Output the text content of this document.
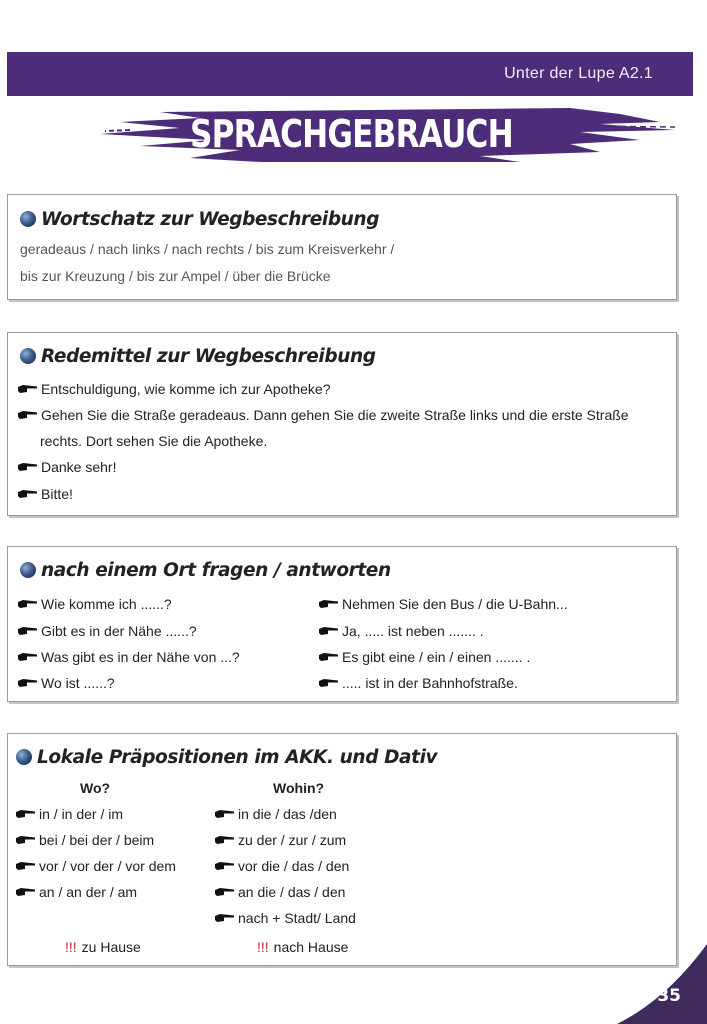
Unter der Lupe A2.1
SPRACHGEBRAUCH
Wortschatz zur Wegbeschreibung
geradeaus / nach links / nach rechts / bis zum Kreisverkehr /
bis zur Kreuzung / bis zur Ampel / über die Brücke
Redemittel zur Wegbeschreibung
Entschuldigung, wie komme ich zur Apotheke?
Gehen Sie die Straße geradeaus. Dann gehen Sie die zweite Straße links und die erste Straße
rechts. Dort sehen Sie die Apotheke.
Danke sehr!
Bitte!
nach einem Ort fragen / antworten
Wie komme ich ......?
Gibt es in der Nähe ......?
Was gibt es in der Nähe von ...?
Wo ist ......?
Nehmen Sie den Bus / die U-Bahn...
Ja, ..... ist neben ....... .
Es gibt eine / ein / einen ....... .
..... ist in der Bahnhofstraße.
Lokale Präpositionen im AKK. und Dativ
Wo?	Wohin?
in / in der / im
bei / bei der / beim
vor / vor der / vor dem
an / an der / am
in die / das /den
zu der / zur / zum
vor die / das / den
an die / das / den
nach + Stadt/ Land
!!! zu Hause	!!! nach Hause
35
